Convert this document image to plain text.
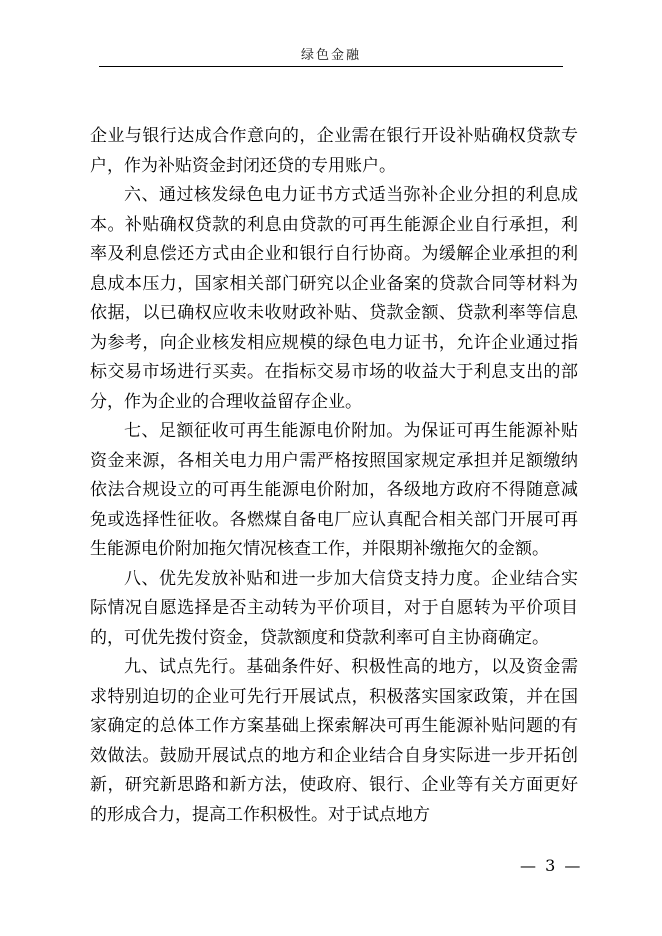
绿色金融

企业与银行达成合作意向的，企业需在银行开设补贴确权贷款专户，作为补贴资金封闭还贷的专用账户。

六、通过核发绿色电力证书方式适当弥补企业分担的利息成本。补贴确权贷款的利息由贷款的可再生能源企业自行承担，利率及利息偿还方式由企业和银行自行协商。为缓解企业承担的利息成本压力，国家相关部门研究以企业备案的贷款合同等材料为依据，以已确权应收未收财政补贴、贷款金额、贷款利率等信息为参考，向企业核发相应规模的绿色电力证书，允许企业通过指标交易市场进行买卖。在指标交易市场的收益大于利息支出的部分，作为企业的合理收益留存企业。

七、足额征收可再生能源电价附加。为保证可再生能源补贴资金来源，各相关电力用户需严格按照国家规定承担并足额缴纳依法合规设立的可再生能源电价附加，各级地方政府不得随意减免或选择性征收。各燃煤自备电厂应认真配合相关部门开展可再生能源电价附加拖欠情况核查工作，并限期补缴拖欠的金额。

八、优先发放补贴和进一步加大信贷支持力度。企业结合实际情况自愿选择是否主动转为平价项目，对于自愿转为平价项目的，可优先拨付资金，贷款额度和贷款利率可自主协商确定。

九、试点先行。基础条件好、积极性高的地方，以及资金需求特别迫切的企业可先行开展试点，积极落实国家政策，并在国家确定的总体工作方案基础上探索解决可再生能源补贴问题的有效做法。鼓励开展试点的地方和企业结合自身实际进一步开拓创新，研究新思路和新方法，使政府、银行、企业等有关方面更好的形成合力，提高工作积极性。对于试点地方

— 3 —
